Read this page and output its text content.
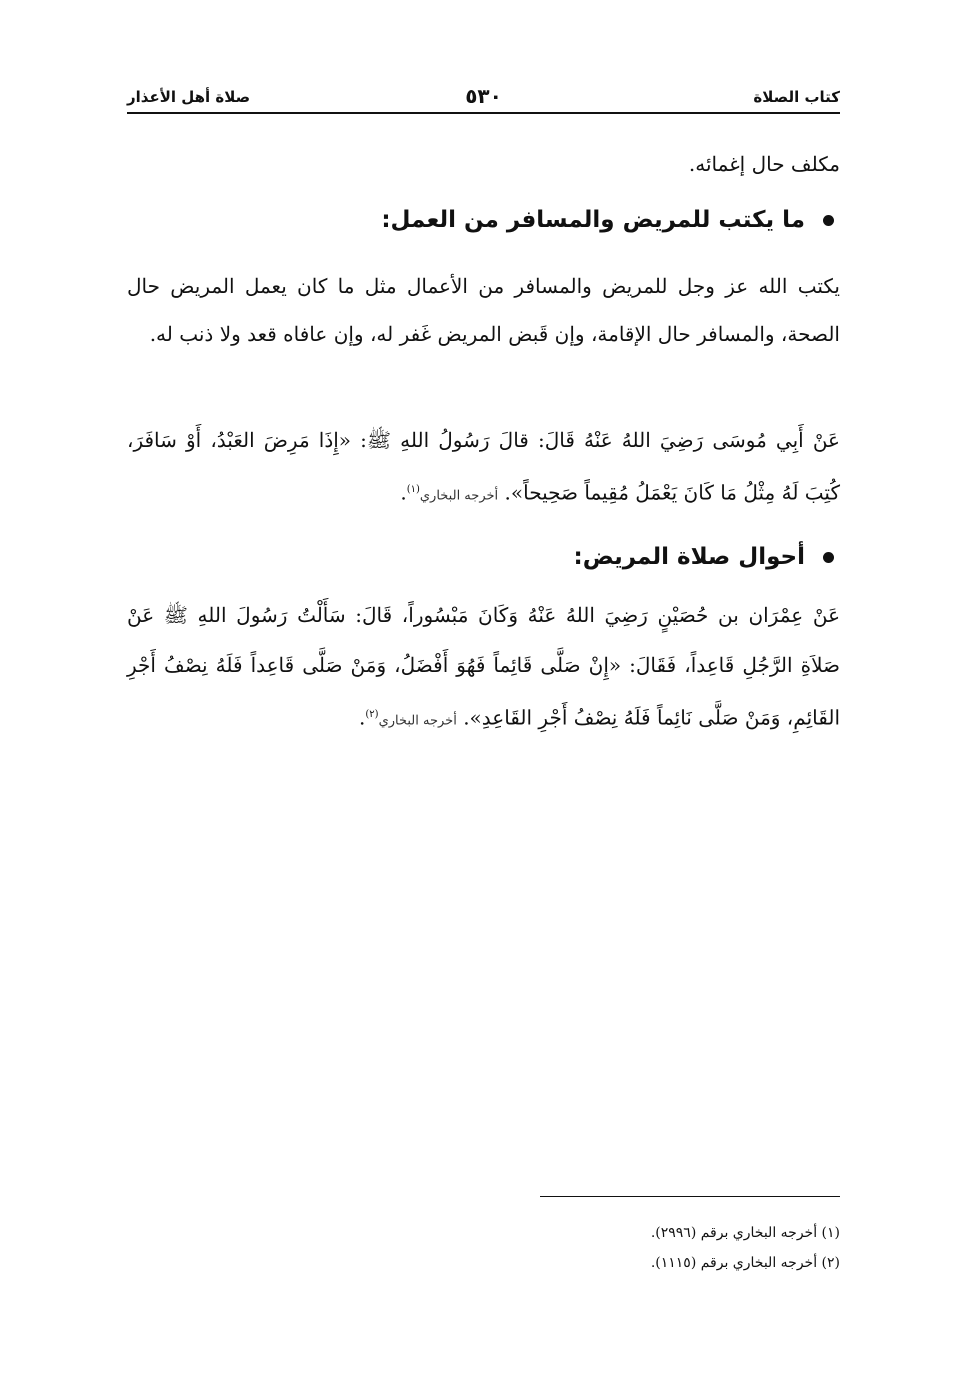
كتاب الصلاة
٥٣٠
صلاة أهل الأعذار

مكلف حال إغمائه.

ما يكتب للمريض والمسافر من العمل:

يكتب الله عز وجل للمريض والمسافر من الأعمال مثل ما كان يعمل المريض حال الصحة، والمسافر حال الإقامة، وإن قَبض المريض غَفر له، وإن عافاه قعد ولا ذنب له.

عَنْ أَبِي مُوسَى رَضِيَ اللهُ عَنْهُ قَالَ: قالَ رَسُولُ اللهِ ﷺ: «إِذَا مَرِضَ العَبْدُ، أَوْ سَافَرَ، كُتِبَ لَهُ مِثْلُ مَا كَانَ يَعْمَلُ مُقِيماً صَحِيحاً». أخرجه البخاري$^{(١)}$.

أحوال صلاة المريض:

عَنْ عِمْرَان بن حُصَيْنٍ رَضِيَ اللهُ عَنْهُ وَكَانَ مَبْسُوراً، قَالَ: سَأَلْتُ رَسُولَ اللهِ ﷺ عَنْ صَلاَةِ الرَّجُلِ قَاعِداً، فَقَالَ: «إِنْ صَلَّى قَائِماً فَهُوَ أَفْضَلُ، وَمَنْ صَلَّى قَاعِداً فَلَهُ نِصْفُ أَجْرِ القَائِمِ، وَمَنْ صَلَّى نَائِماً فَلَهُ نِصْفُ أَجْرِ القَاعِدِ». أخرجه البخاري$^{(٢)}$.

(١) أخرجه البخاري برقم (٢٩٩٦).

(٢) أخرجه البخاري برقم (١١١٥).
